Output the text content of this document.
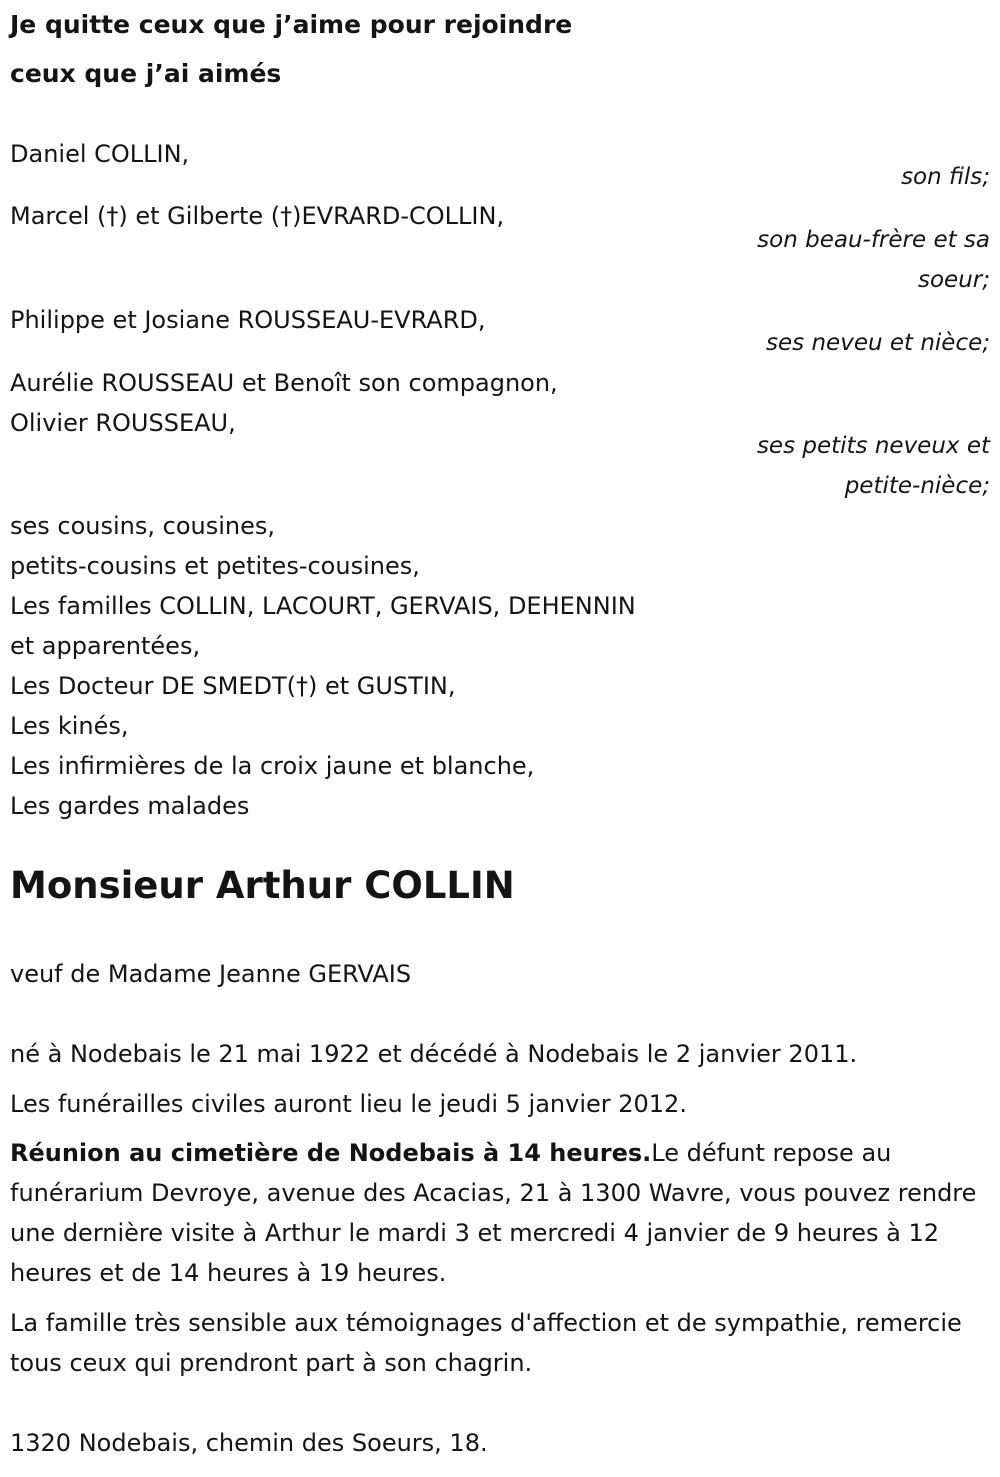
Je quitte ceux que j’aime pour rejoindre
ceux que j’ai aimés
Daniel COLLIN,
son fils;
Marcel (†) et Gilberte (†)EVRARD-COLLIN,
son beau-frère et sa
soeur;
Philippe et Josiane ROUSSEAU-EVRARD,
ses neveu et nièce;
Aurélie ROUSSEAU et Benoît son compagnon,
Olivier ROUSSEAU,
ses petits neveux et
petite-nièce;
ses cousins, cousines,
petits-cousins et petites-cousines,
Les familles COLLIN, LACOURT, GERVAIS, DEHENNIN
et apparentées,
Les Docteur DE SMEDT(†) et GUSTIN,
Les kinés,
Les infirmières de la croix jaune et blanche,
Les gardes malades
Monsieur Arthur COLLIN
veuf de Madame Jeanne GERVAIS
né à Nodebais le 21 mai 1922 et décédé à Nodebais le 2 janvier 2011.
Les funérailles civiles auront lieu le jeudi 5 janvier 2012.
Réunion au cimetière de Nodebais à 14 heures.Le défunt repose au funérarium Devroye, avenue des Acacias, 21 à 1300 Wavre, vous pouvez rendre une dernière visite à Arthur le mardi 3 et mercredi 4 janvier de 9 heures à 12 heures et de 14 heures à 19 heures.
La famille très sensible aux témoignages d'affection et de sympathie, remercie tous ceux qui prendront part à son chagrin.
1320 Nodebais, chemin des Soeurs, 18.
